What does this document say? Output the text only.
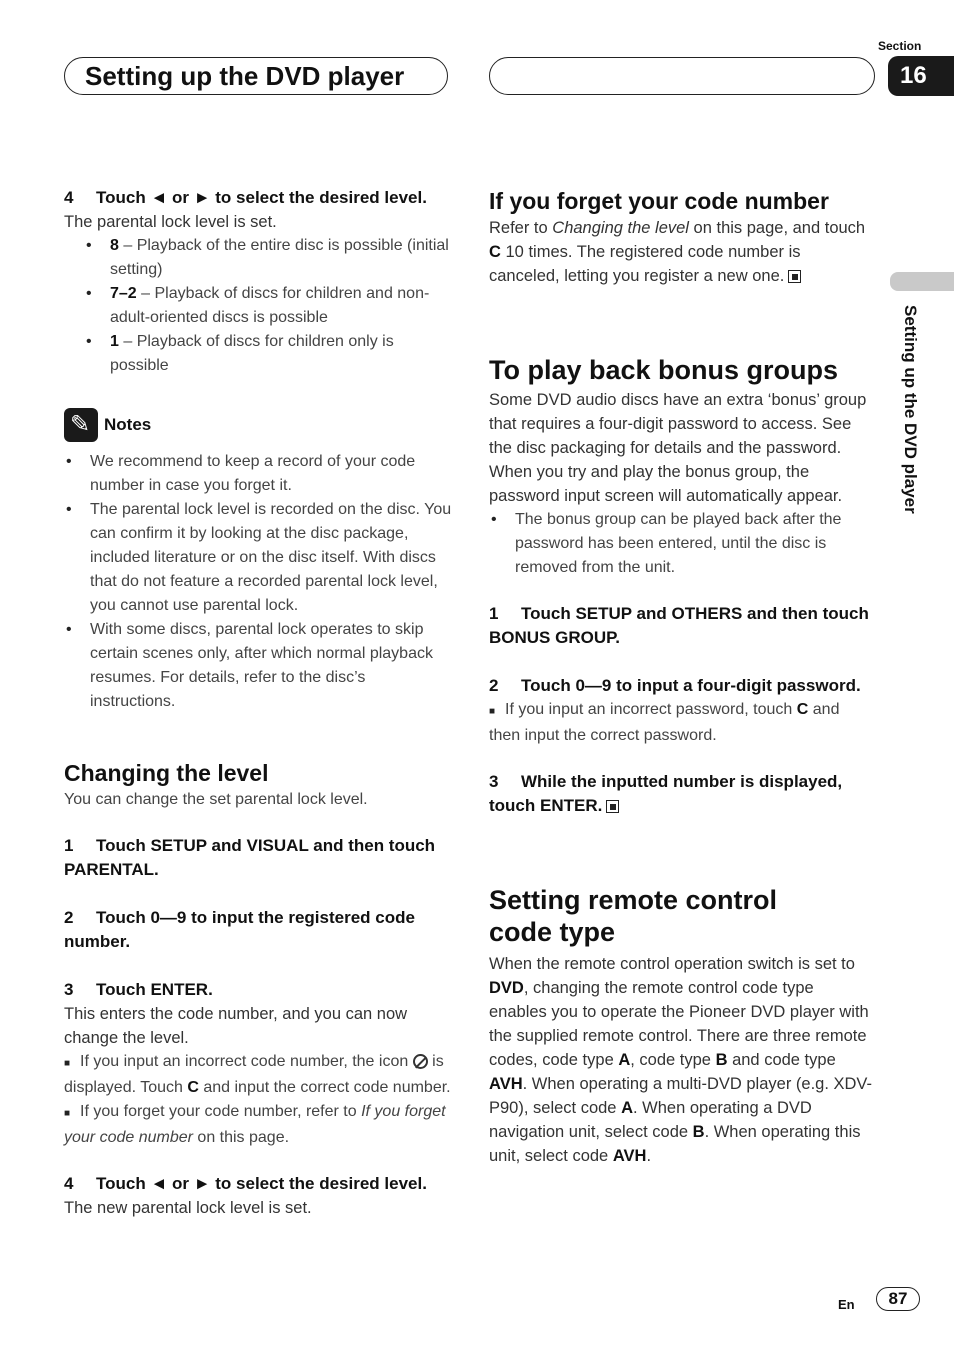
Setting up the DVD player
Section
16
Setting up the DVD player
4 Touch ◄ or ► to select the desired level.

The parental lock level is set.

• 8 – Playback of the entire disc is possible (initial setting)
• 7–2 – Playback of discs for children and non-adult-oriented discs is possible
• 1 – Playback of discs for children only is possible
✎
Notes
• We recommend to keep a record of your code number in case you forget it.
• The parental lock level is recorded on the disc. You can confirm it by looking at the disc package, included literature or on the disc itself. With discs that do not feature a recorded parental lock level, you cannot use parental lock.
• With some discs, parental lock operates to skip certain scenes only, after which normal playback resumes. For details, refer to the disc’s instructions.
Changing the level

You can change the set parental lock level.

1 Touch SETUP and VISUAL and then touch PARENTAL.
2 Touch 0—9 to input the registered code number.
3 Touch ENTER.

This enters the code number, and you can now change the level.

■ If you input an incorrect code number, the icon  is displayed. Touch C and input the correct code number.
■ If you forget your code number, refer to If you forget your code number on this page.
4 Touch ◄ or ► to select the desired level.

The new parental lock level is set.

If you forget your code number

Refer to Changing the level on this page, and touch C 10 times. The registered code number is canceled, letting you register a new one.

To play back bonus groups

Some DVD audio discs have an extra ‘bonus’ group that requires a four-digit password to access. See the disc packaging for details and the password. When you try and play the bonus group, the password input screen will automatically appear.

• The bonus group can be played back after the password has been entered, until the disc is removed from the unit.
1 Touch SETUP and OTHERS and then touch BONUS GROUP.
2 Touch 0—9 to input a four-digit password.
■ If you input an incorrect password, touch C and then input the correct password.
3 While the inputted number is displayed, touch ENTER.
Setting remote control code type

When the remote control operation switch is set to DVD, changing the remote control code type enables you to operate the Pioneer DVD player with the supplied remote control. There are three remote codes, code type A, code type B and code type AVH. When operating a multi-DVD player (e.g. XDV-P90), select code A. When operating a DVD navigation unit, select code B. When operating this unit, select code AVH.

En	87
